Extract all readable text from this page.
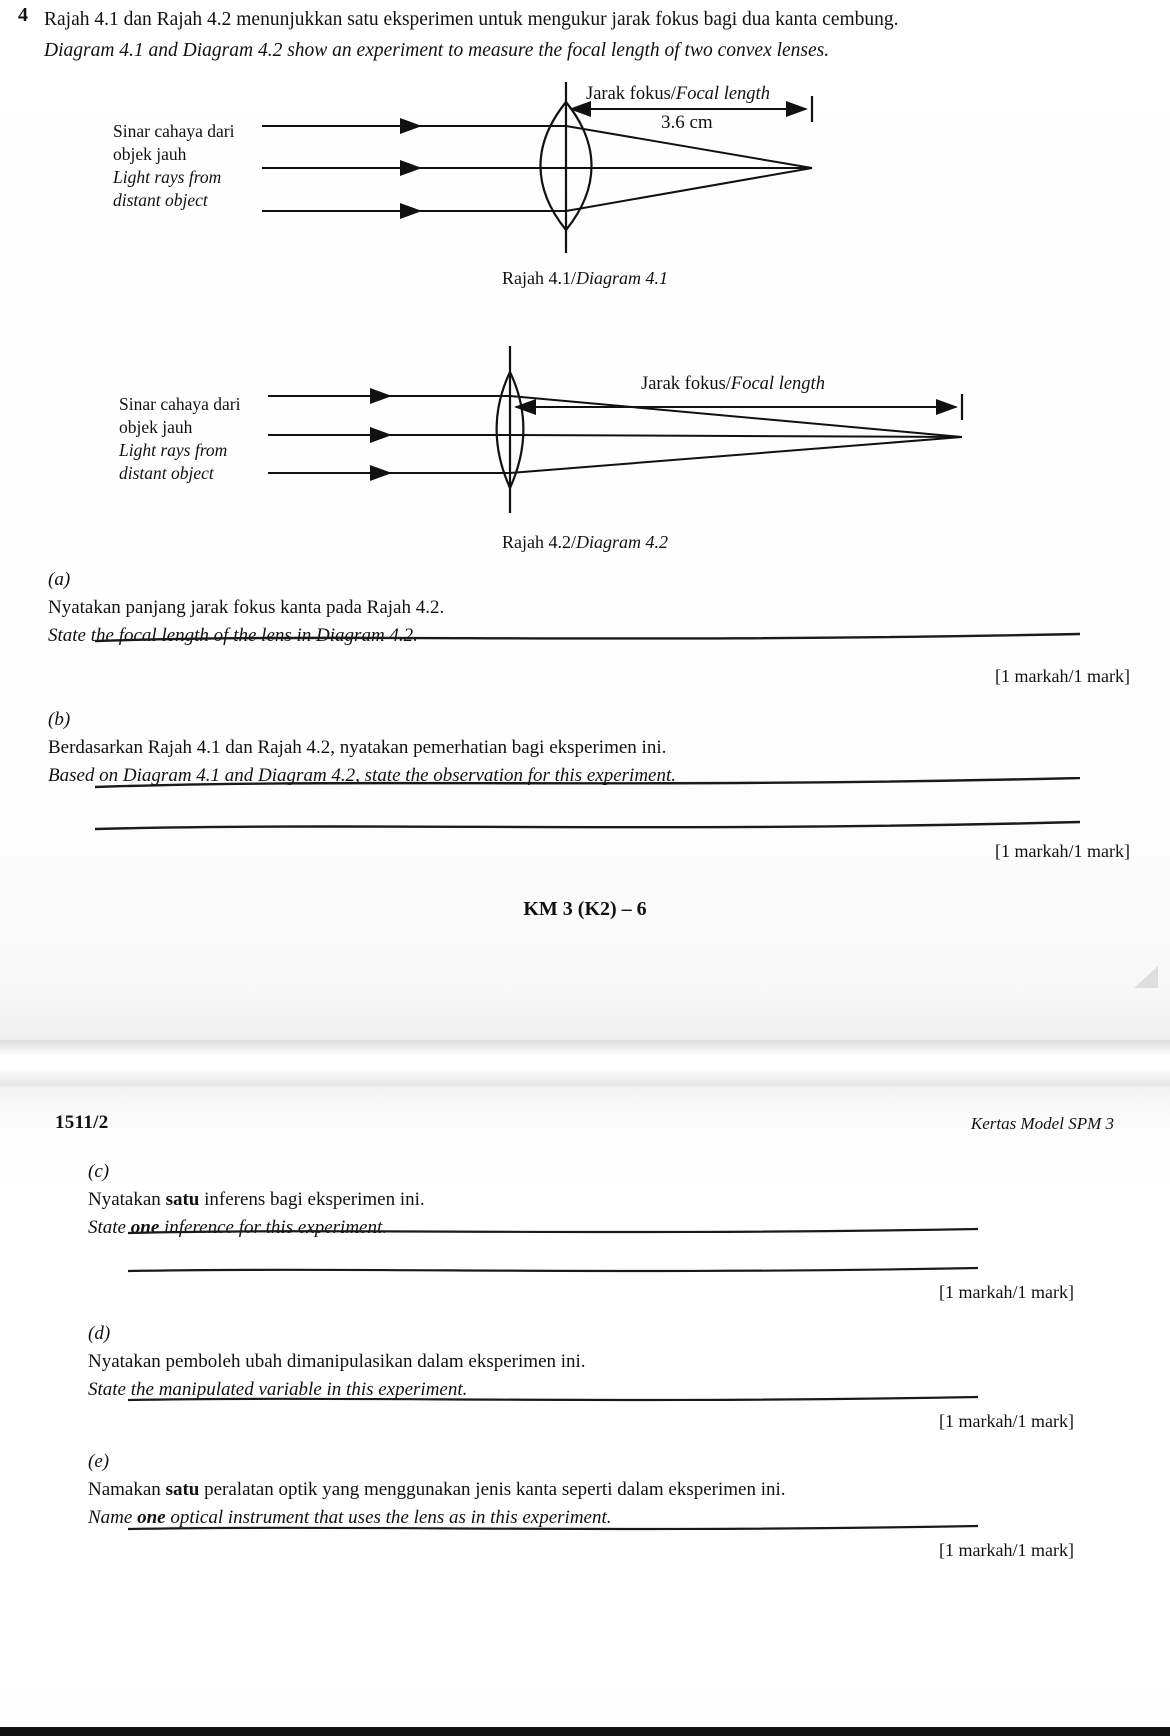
4 Rajah 4.1 dan Rajah 4.2 menunjukkan satu eksperimen untuk mengukur jarak fokus bagi dua kanta cembung.
Diagram 4.1 and Diagram 4.2 show an experiment to measure the focal length of two convex lenses.
Sinar cahaya dari
objek jauh
Light rays from
distant object
Jarak fokus/Focal length
3.6 cm
Rajah 4.1/Diagram 4.1
Sinar cahaya dari
objek jauh
Light rays from
distant object
Jarak fokus/Focal length
Rajah 4.2/Diagram 4.2
(a)
Nyatakan panjang jarak fokus kanta pada Rajah 4.2.
State the focal length of the lens in Diagram 4.2.
[1 markah/1 mark]
(b)
Berdasarkan Rajah 4.1 dan Rajah 4.2, nyatakan pemerhatian bagi eksperimen ini.
Based on Diagram 4.1 and Diagram 4.2, state the observation for this experiment.
[1 markah/1 mark]
KM 3 (K2) – 6
1511/2	Kertas Model SPM 3
(c)
Nyatakan satu inferens bagi eksperimen ini.
State one inference for this experiment.
[1 markah/1 mark]
(d)
Nyatakan pemboleh ubah dimanipulasikan dalam eksperimen ini.
State the manipulated variable in this experiment.
[1 markah/1 mark]
(e)
Namakan satu peralatan optik yang menggunakan jenis kanta seperti dalam eksperimen ini.
Name one optical instrument that uses the lens as in this experiment.
[1 markah/1 mark]
